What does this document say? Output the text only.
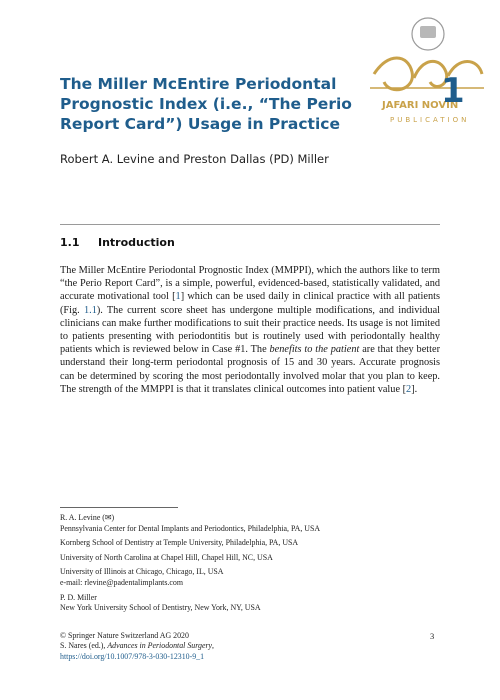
JAFARI NOVIN
PUBLICATION
The Miller McEntire Periodontal Prognostic Index (i.e., “The Perio Report Card”) Usage in Practice
1

Robert A. Levine and Preston Dallas (PD) Miller

1.1 Introduction

The Miller McEntire Periodontal Prognostic Index (MMPPI), which the authors like to term “the Perio Report Card”, is a simple, powerful, evidenced-based, statistically validated, and accurate motivational tool [1] which can be used daily in clinical practice with all patients (Fig. 1.1). The current score sheet has undergone multiple modifications, and individual clinicians can make further modifications to suit their practice needs. Its usage is not limited to patients presenting with periodontitis but is routinely used with periodontally healthy patients which is reviewed below in Case #1. The benefits to the patient are that they better understand their long-term periodontal prognosis of 15 and 30 years. Accurate prognosis can be determined by scoring the most periodontally involved molar that you plan to keep. The strength of the MMPPI is that it translates clinical outcomes into patient value [2].

R. A. Levine (✉)
Pennsylvania Center for Dental Implants and Periodontics, Philadelphia, PA, USA
Kornberg School of Dentistry at Temple University, Philadelphia, PA, USA
University of North Carolina at Chapel Hill, Chapel Hill, NC, USA
University of Illinois at Chicago, Chicago, IL, USA
e-mail: rlevine@padentalimplants.com
P. D. Miller
New York University School of Dentistry, New York, NY, USA
© Springer Nature Switzerland AG 2020
S. Nares (ed.), Advances in Periodontal Surgery,
https://doi.org/10.1007/978-3-030-12310-9_1
3
